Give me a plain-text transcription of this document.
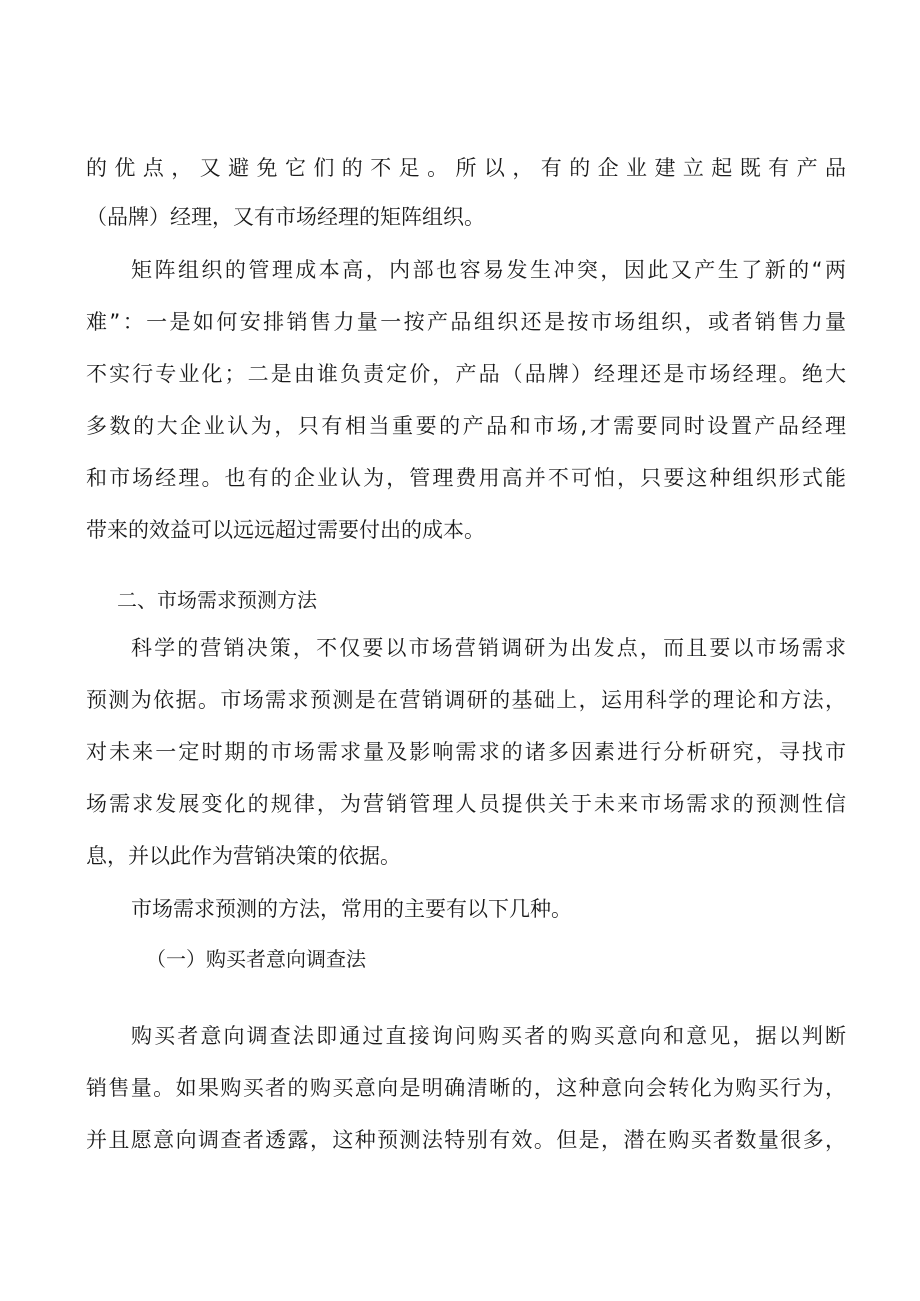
的优点，又避免它们的不足。所以，有的企业建立起既有产品
（品牌）经理，又有市场经理的矩阵组织。
矩阵组织的管理成本高，内部也容易发生冲突，因此又产生了新的“两
难”：一是如何安排销售力量一按产品组织还是按市场组织，或者销售力量
不实行专业化；二是由谁负责定价，产品（品牌）经理还是市场经理。绝大
多数的大企业认为，只有相当重要的产品和市场,才需要同时设置产品经理
和市场经理。也有的企业认为，管理费用高并不可怕，只要这种组织形式能
带来的效益可以远远超过需要付出的成本。
二、市场需求预测方法
科学的营销决策，不仅要以市场营销调研为出发点，而且要以市场需求
预测为依据。市场需求预测是在营销调研的基础上，运用科学的理论和方法，
对未来一定时期的市场需求量及影响需求的诸多因素进行分析研究，寻找市
场需求发展变化的规律，为营销管理人员提供关于未来市场需求的预测性信
息，并以此作为营销决策的依据。
市场需求预测的方法，常用的主要有以下几种。
（一）购买者意向调查法
购买者意向调查法即通过直接询问购买者的购买意向和意见，据以判断
销售量。如果购买者的购买意向是明确清晰的，这种意向会转化为购买行为，
并且愿意向调查者透露，这种预测法特别有效。但是，潜在购买者数量很多，
